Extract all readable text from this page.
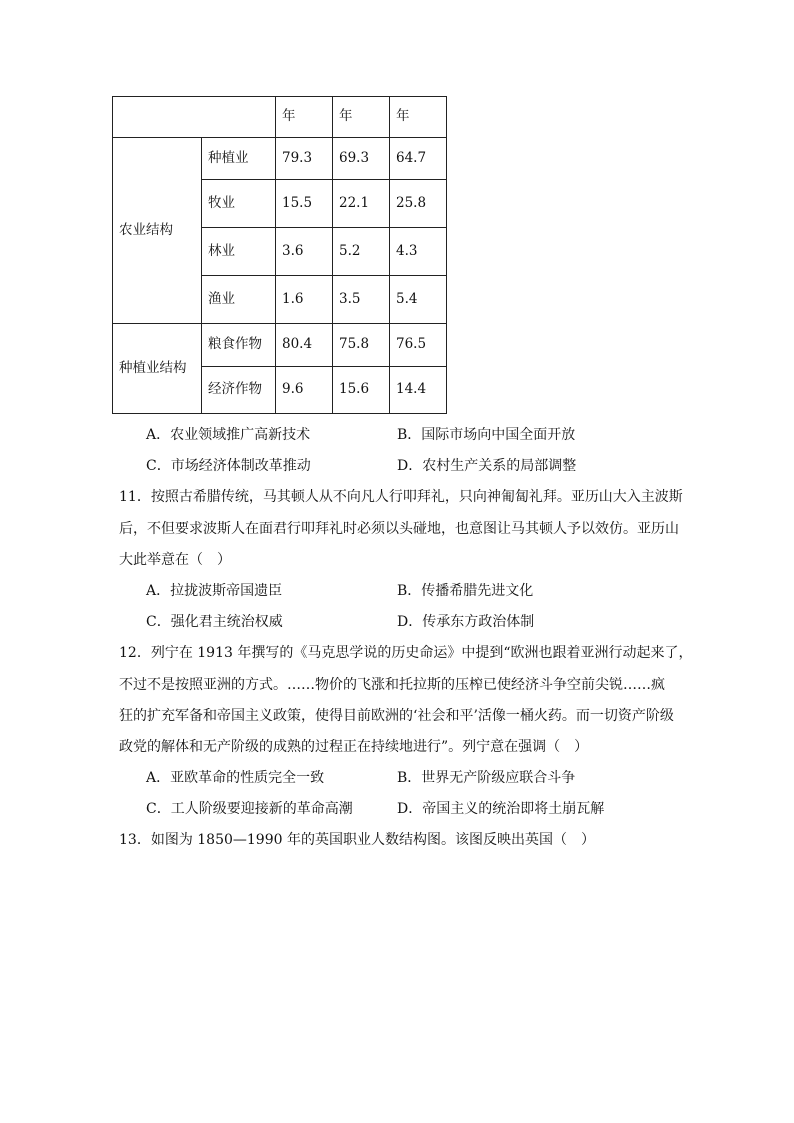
		年	年	年
农业结构	种植业	79.3	69.3	64.7
	牧业	15.5	22.1	25.8
	林业	3.6	5.2	4.3
	渔业	1.6	3.5	5.4
种植业结构	粮食作物	80.4	75.8	76.5
	经济作物	9.6	15.6	14.4
A．农业领域推广高新技术	B．国际市场向中国全面开放
C．市场经济体制改革推动	D．农村生产关系的局部调整
11．按照古希腊传统，马其顿人从不向凡人行叩拜礼，只向神匍匐礼拜。亚历山大入主波斯
后，不但要求波斯人在面君行叩拜礼时必须以头碰地，也意图让马其顿人予以效仿。亚历山
大此举意在（　）
A．拉拢波斯帝国遗臣	B．传播希腊先进文化
C．强化君主统治权威	D．传承东方政治体制
12．列宁在 1913 年撰写的《马克思学说的历史命运》中提到“欧洲也跟着亚洲行动起来了，
不过不是按照亚洲的方式。……物价的飞涨和托拉斯的压榨已使经济斗争空前尖锐……疯
狂的扩充军备和帝国主义政策，使得目前欧洲的‘社会和平’活像一桶火药。而一切资产阶级
政党的解体和无产阶级的成熟的过程正在持续地进行”。列宁意在强调（　）
A．亚欧革命的性质完全一致	B．世界无产阶级应联合斗争
C．工人阶级要迎接新的革命高潮	D．帝国主义的统治即将土崩瓦解
13．如图为 1850—1990 年的英国职业人数结构图。该图反映出英国（　）
